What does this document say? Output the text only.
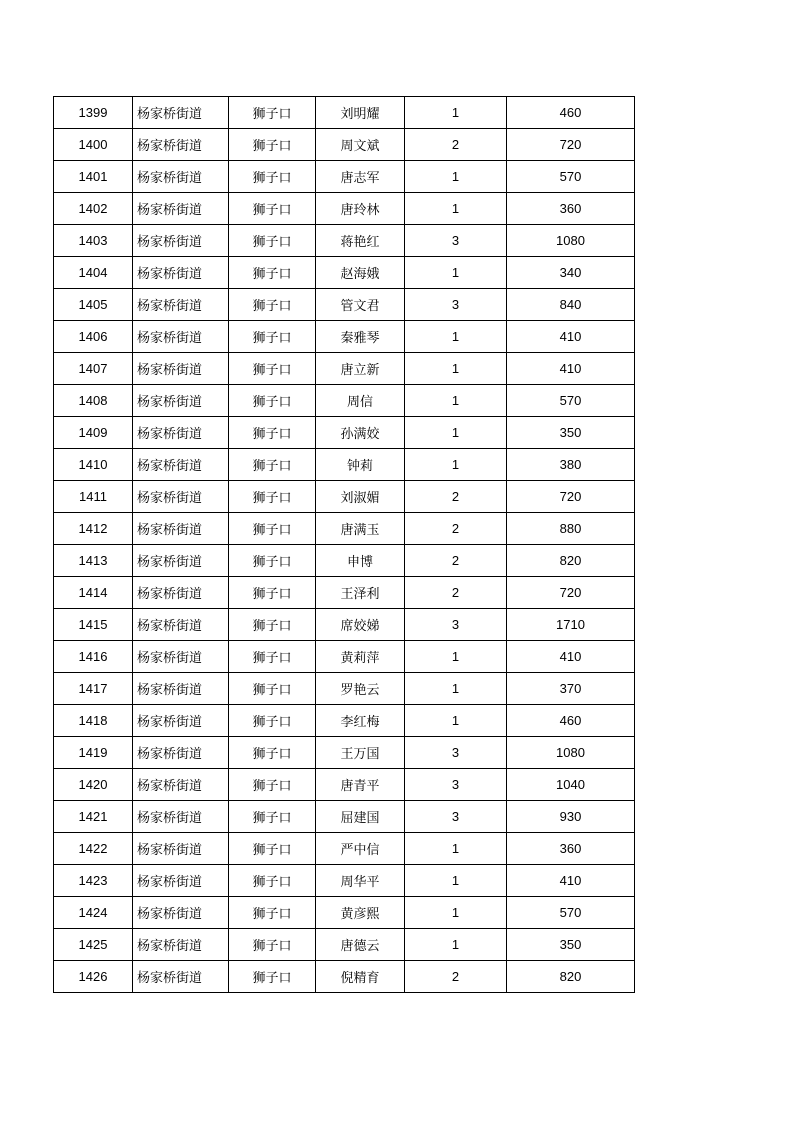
1399	杨家桥街道	狮子口	刘明耀	1	460
1400	杨家桥街道	狮子口	周文斌	2	720
1401	杨家桥街道	狮子口	唐志军	1	570
1402	杨家桥街道	狮子口	唐玲林	1	360
1403	杨家桥街道	狮子口	蒋艳红	3	1080
1404	杨家桥街道	狮子口	赵海娥	1	340
1405	杨家桥街道	狮子口	管文君	3	840
1406	杨家桥街道	狮子口	秦雅琴	1	410
1407	杨家桥街道	狮子口	唐立新	1	410
1408	杨家桥街道	狮子口	周信	1	570
1409	杨家桥街道	狮子口	孙满姣	1	350
1410	杨家桥街道	狮子口	钟莉	1	380
1411	杨家桥街道	狮子口	刘淑媚	2	720
1412	杨家桥街道	狮子口	唐满玉	2	880
1413	杨家桥街道	狮子口	申博	2	820
1414	杨家桥街道	狮子口	王泽利	2	720
1415	杨家桥街道	狮子口	席姣娣	3	1710
1416	杨家桥街道	狮子口	黄莉萍	1	410
1417	杨家桥街道	狮子口	罗艳云	1	370
1418	杨家桥街道	狮子口	李红梅	1	460
1419	杨家桥街道	狮子口	王万国	3	1080
1420	杨家桥街道	狮子口	唐青平	3	1040
1421	杨家桥街道	狮子口	屈建国	3	930
1422	杨家桥街道	狮子口	严中信	1	360
1423	杨家桥街道	狮子口	周华平	1	410
1424	杨家桥街道	狮子口	黄彦熙	1	570
1425	杨家桥街道	狮子口	唐德云	1	350
1426	杨家桥街道	狮子口	倪精育	2	820
